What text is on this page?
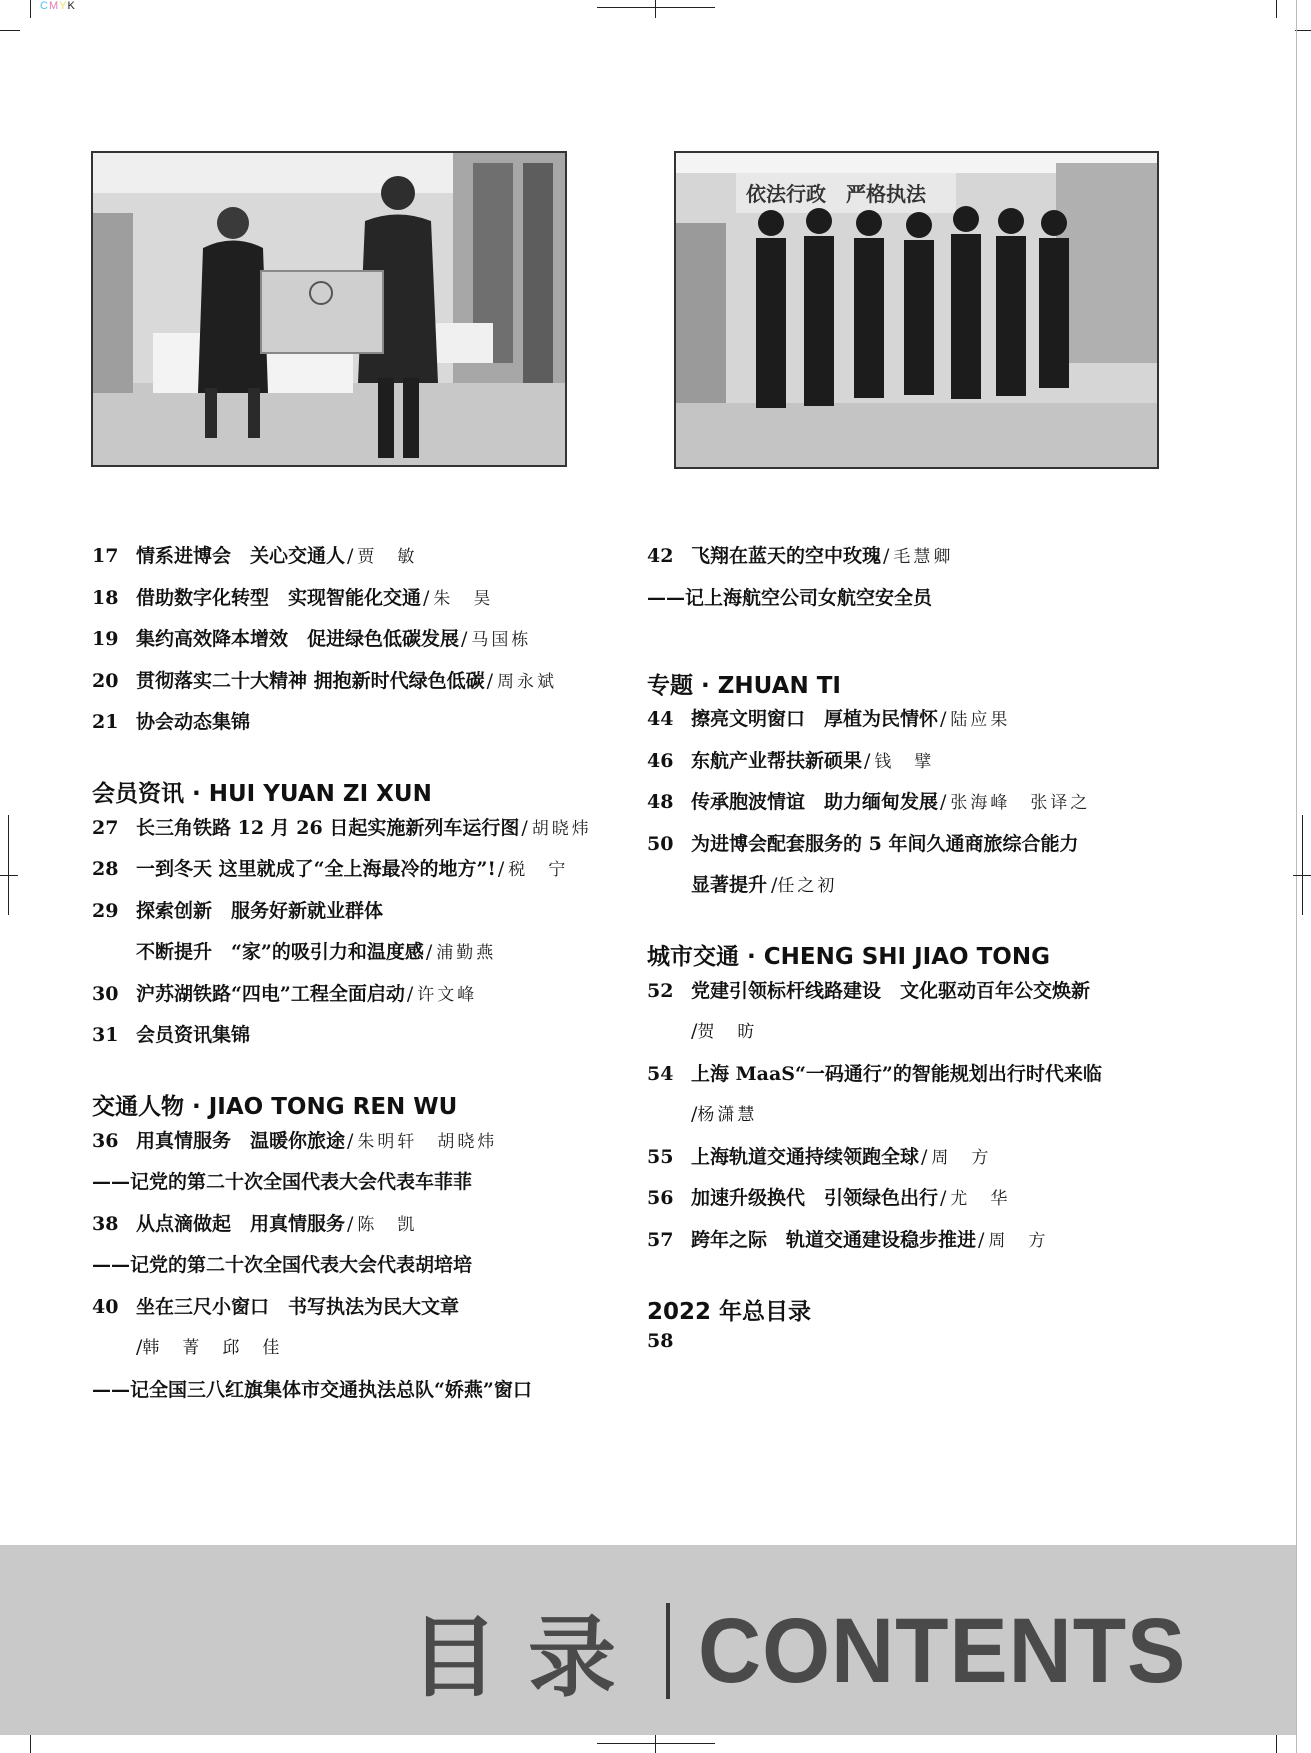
CMYK
依法行政　严格执法
17 情系进博会　关心交通人 / 贾　敏
18 借助数字化转型　实现智能化交通 / 朱　昊
19 集约高效降本增效　促进绿色低碳发展 / 马国栋
20 贯彻落实二十大精神 拥抱新时代绿色低碳 / 周永斌
21 协会动态集锦
会员资讯 · HUI YUAN ZI XUN
27 长三角铁路 12 月 26 日起实施新列车运行图 / 胡晓炜
28 一到冬天 这里就成了“全上海最冷的地方”! / 税　宁
29 探索创新　服务好新就业群体
不断提升　“家”的吸引力和温度感 / 浦勤燕
30 沪苏湖铁路“四电”工程全面启动 / 许文峰
31 会员资讯集锦
交通人物 · JIAO TONG REN WU
36 用真情服务　温暖你旅途 / 朱明轩　胡晓炜
——记党的第二十次全国代表大会代表车菲菲
38 从点滴做起　用真情服务 / 陈　凯
——记党的第二十次全国代表大会代表胡培培
40 坐在三尺小窗口　书写执法为民大文章
/ 韩　菁　邱　佳
——记全国三八红旗集体市交通执法总队“娇燕”窗口
42 飞翔在蓝天的空中玫瑰 / 毛慧卿
——记上海航空公司女航空安全员
专题 · ZHUAN TI
44 擦亮文明窗口　厚植为民情怀 / 陆应果
46 东航产业帮扶新硕果 / 钱　擘
48 传承胞波情谊　助力缅甸发展 / 张海峰　张译之
50 为进博会配套服务的 5 年间久通商旅综合能力
显著提升 / 任之初
城市交通 · CHENG SHI JIAO TONG
52 党建引领标杆线路建设　文化驱动百年公交焕新
/ 贺　昉
54 上海 MaaS“一码通行”的智能规划出行时代来临
/ 杨潇慧
55 上海轨道交通持续领跑全球 / 周　方
56 加速升级换代　引领绿色出行 / 尤　华
57 跨年之际　轨道交通建设稳步推进 / 周　方
2022 年总目录
58
目录 CONTENTS
